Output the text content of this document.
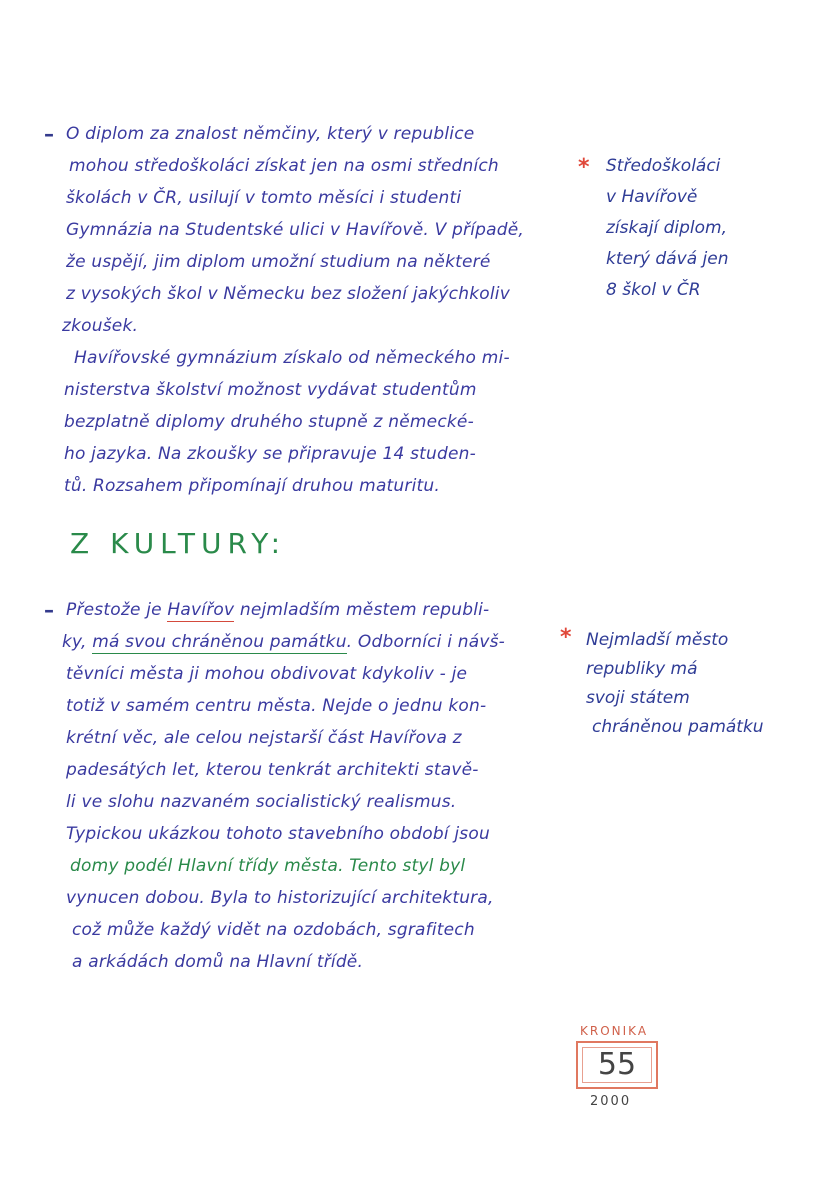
– O diplom za znalost němčiny, který v republice
mohou středoškoláci získat jen na osmi středních
školách v ČR, usilují v tomto měsíci i studenti
Gymnázia na Studentské ulici v Havířově. V případě,
že uspějí, jim diplom umožní studium na některé
z vysokých škol v Německu bez složení jakýchkoliv
zkoušek.
Havířovské gymnázium získalo od německého mi-
nisterstva školství možnost vydávat studentům
bezplatně diplomy druhého stupně z německé-
ho jazyka. Na zkoušky se připravuje 14 studen-
tů. Rozsahem připomínají druhou maturitu.
* Středoškoláci
v Havířově
získají diplom,
který dává jen
8 škol v ČR
Z KULTURY:
– Přestože je Havířov nejmladším městem republi-
ky, má svou chráněnou památku. Odborníci i návš-
těvníci města ji mohou obdivovat kdykoliv - je
totiž v samém centru města. Nejde o jednu kon-
krétní věc, ale celou nejstarší část Havířova z
padesátých let, kterou tenkrát architekti stavě-
li ve slohu nazvaném socialistický realismus.
Typickou ukázkou tohoto stavebního období jsou
domy podél Hlavní třídy města. Tento styl byl
vynucen dobou. Byla to historizující architektura,
což může každý vidět na ozdobách, sgrafitech
a arkádách domů na Hlavní třídě.
* Nejmladší město
republiky má
svoji státem
chráněnou památku
KRONIKA
55
2000
